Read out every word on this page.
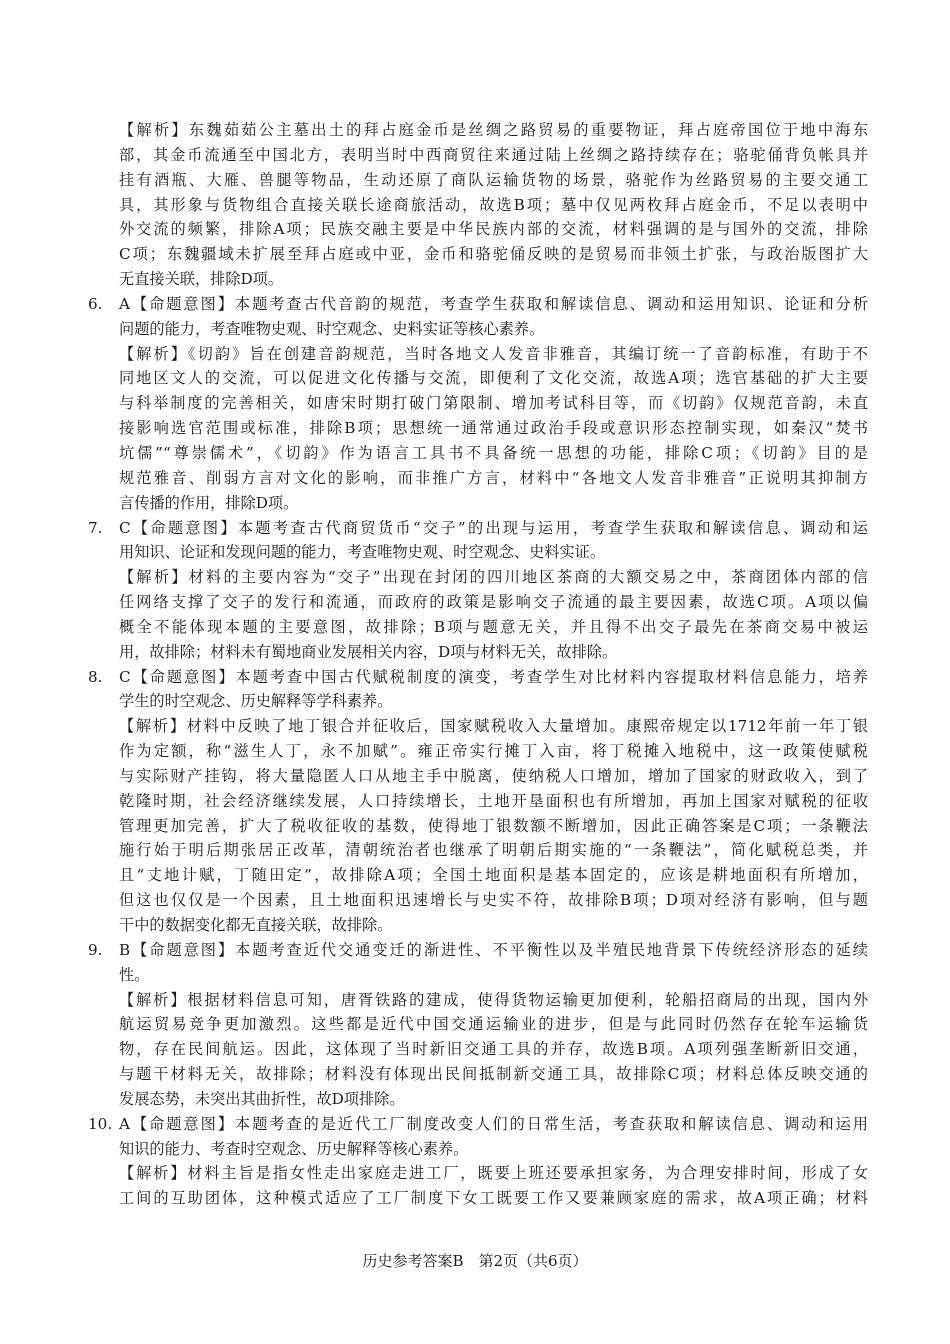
【解析】东魏茹茹公主墓出土的拜占庭金币是丝绸之路贸易的重要物证，拜占庭帝国位于地中海东
部，其金币流通至中国北方，表明当时中西商贸往来通过陆上丝绸之路持续存在；骆驼俑背负帐具并
挂有酒瓶、大雁、兽腿等物品，生动还原了商队运输货物的场景，骆驼作为丝路贸易的主要交通工
具，其形象与货物组合直接关联长途商旅活动，故选B项；墓中仅见两枚拜占庭金币，不足以表明中
外交流的频繁，排除A项；民族交融主要是中华民族内部的交流，材料强调的是与国外的交流，排除
C项；东魏疆域未扩展至拜占庭或中亚，金币和骆驼俑反映的是贸易而非领土扩张，与政治版图扩大
无直接关联，排除D项。
6. A【命题意图】本题考查古代音韵的规范，考查学生获取和解读信息、调动和运用知识、论证和分析
问题的能力，考查唯物史观、时空观念、史料实证等核心素养。
【解析】《切韵》旨在创建音韵规范，当时各地文人发音非雅音，其编订统一了音韵标准，有助于不
同地区文人的交流，可以促进文化传播与交流，即便利了文化交流，故选A项；选官基础的扩大主要
与科举制度的完善相关，如唐宋时期打破门第限制、增加考试科目等，而《切韵》仅规范音韵，未直
接影响选官范围或标准，排除B项；思想统一通常通过政治手段或意识形态控制实现，如秦汉“焚书
坑儒”“尊崇儒术”，《切韵》作为语言工具书不具备统一思想的功能，排除C项；《切韵》目的是
规范雅音、削弱方言对文化的影响，而非推广方言，材料中“各地文人发音非雅音”正说明其抑制方
言传播的作用，排除D项。
7. C【命题意图】本题考查古代商贸货币“交子”的出现与运用，考查学生获取和解读信息、调动和运
用知识、论证和发现问题的能力，考查唯物史观、时空观念、史料实证。
【解析】材料的主要内容为“交子”出现在封闭的四川地区茶商的大额交易之中，茶商团体内部的信
任网络支撑了交子的发行和流通，而政府的政策是影响交子流通的最主要因素，故选C项。A项以偏
概全不能体现本题的主要意图，故排除；B项与题意无关，并且得不出交子最先在茶商交易中被运
用，故排除；材料未有蜀地商业发展相关内容，D项与材料无关，故排除。
8. C【命题意图】本题考查中国古代赋税制度的演变，考查学生对比材料内容提取材料信息能力，培养
学生的时空观念、历史解释等学科素养。
【解析】材料中反映了地丁银合并征收后，国家赋税收入大量增加。康熙帝规定以1712年前一年丁银
作为定额，称“滋生人丁，永不加赋”。雍正帝实行摊丁入亩，将丁税摊入地税中，这一政策使赋税
与实际财产挂钩，将大量隐匿人口从地主手中脱离，使纳税人口增加，增加了国家的财政收入，到了
乾隆时期，社会经济继续发展，人口持续增长，土地开垦面积也有所增加，再加上国家对赋税的征收
管理更加完善，扩大了税收征收的基数，使得地丁银数额不断增加，因此正确答案是C项；一条鞭法
施行始于明后期张居正改革，清朝统治者也继承了明朝后期实施的“一条鞭法”，简化赋税总类，并
且“丈地计赋，丁随田定”，故排除A项；全国土地面积是基本固定的，应该是耕地面积有所增加，
但这也仅仅是一个因素，且土地面积迅速增长与史实不符，故排除B项；D项对经济有影响，但与题
干中的数据变化都无直接关联，故排除。
9. B【命题意图】本题考查近代交通变迁的渐进性、不平衡性以及半殖民地背景下传统经济形态的延续
性。
【解析】根据材料信息可知，唐胥铁路的建成，使得货物运输更加便利，轮船招商局的出现，国内外
航运贸易竞争更加激烈。这些都是近代中国交通运输业的进步，但是与此同时仍然存在轮车运输货
物，存在民间航运。因此，这体现了当时新旧交通工具的并存，故选B项。A项列强垄断新旧交通，
与题干材料无关，故排除；材料没有体现出民间抵制新交通工具，故排除C项；材料总体反映交通的
发展态势，未突出其曲折性，故D项排除。
10. A【命题意图】本题考查的是近代工厂制度改变人们的日常生活，考查获取和解读信息、调动和运用
知识的能力、考查时空观念、历史解释等核心素养。
【解析】材料主旨是指女性走出家庭走进工厂，既要上班还要承担家务，为合理安排时间，形成了女
工间的互助团体，这种模式适应了工厂制度下女工既要工作又要兼顾家庭的需求，故A项正确；材料
历史参考答案B　第2页（共6页）
